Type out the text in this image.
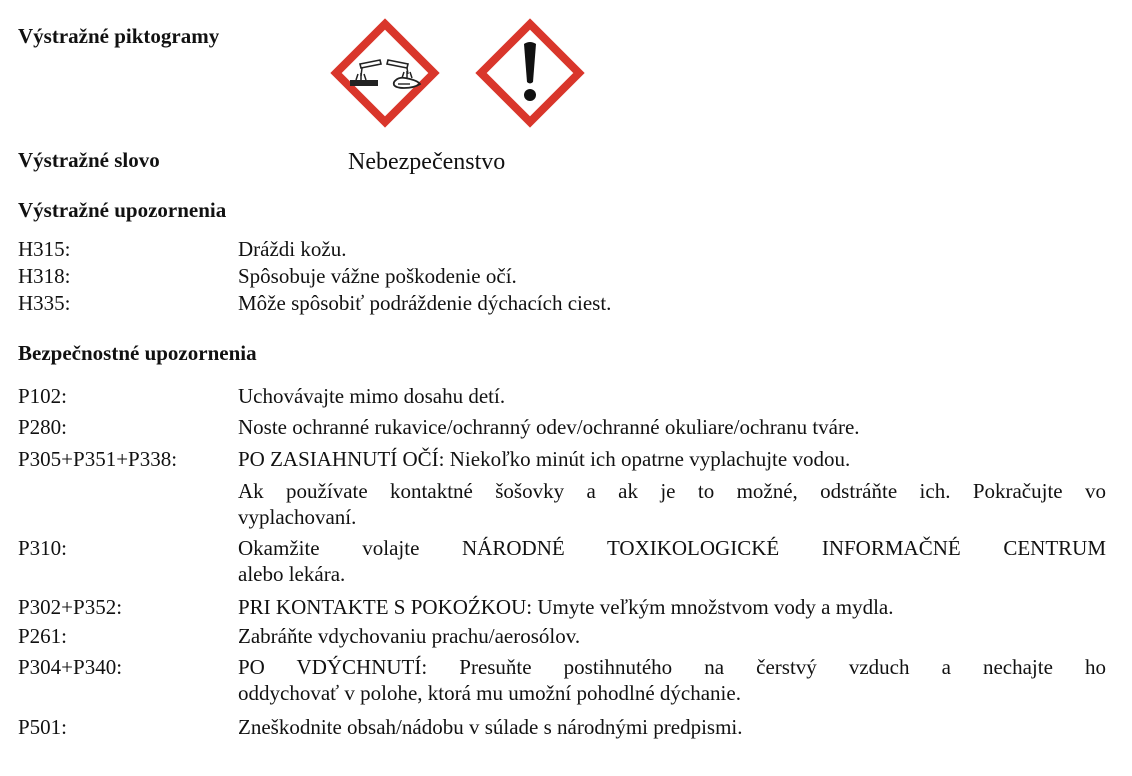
Výstražné piktogramy
Výstražné slovo	Nebezpečenstvo
Výstražné upozornenia
H315:	Dráždi kožu.
H318:	Spôsobuje vážne poškodenie očí.
H335:	Môže spôsobiť podráždenie dýchacích ciest.
Bezpečnostné upozornenia
P102:	Uchovávajte mimo dosahu detí.
P280:	Noste ochranné rukavice/ochranný odev/ochranné okuliare/ochranu tváre.
P305+P351+P338:	PO ZASIAHNUTÍ OČÍ: Niekoľko minút ich opatrne vyplachujte vodou.
Ak používate kontaktné šošovky a ak je to možné, odstráňte ich. Pokračujte vo
vyplachovaní.
P310:	Okamžite volajte NÁRODNÉ TOXIKOLOGICKÉ INFORMAČNÉ CENTRUM
alebo lekára.
P302+P352:	PRI KONTAKTE S POKOŹKOU: Umyte veľkým množstvom vody a mydla.
P261:	Zabráňte vdychovaniu prachu/aerosólov.
P304+P340:	PO VDÝCHNUTÍ: Presuňte postihnutého na čerstvý vzduch a nechajte ho
oddychovať v polohe, ktorá mu umožní pohodlné dýchanie.
P501:	Zneškodnite obsah/nádobu v súlade s národnými predpismi.
